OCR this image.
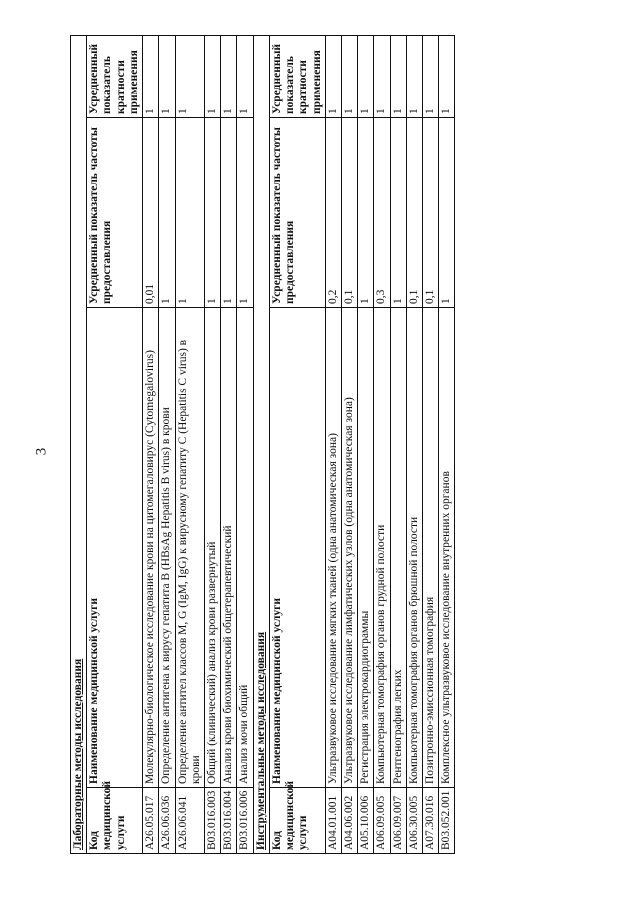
3
Лабораторные методы исследования			
Код медицинской услуги	Наименование медицинской услуги	Усредненный показатель частоты предоставления	Усредненный показатель кратности применения
A26.05.017	Молекулярно-биологическое исследование крови на цитомегаловирус (Cytomegalovirus)	0,01	1
A26.06.036	Определение антигена к вирусу гепатита B (HBsAg Hepatitis B virus) в крови	1	1
A26.06.041	Определение антител классов M, G (IgM, IgG) к вирусному гепатиту C (Hepatitis C virus) в крови	1	1
B03.016.003	Общий (клинический) анализ крови развернутый	1	1
B03.016.004	Анализ крови биохимический общетерапевтический	1	1
B03.016.006	Анализ мочи общий	1	1
Инструментальные методы исследования			
Код медицинской услуги	Наименование медицинской услуги	Усредненный показатель частоты предоставления	Усредненный показатель кратности применения
A04.01.001	Ультразвуковое исследование мягких тканей (одна анатомическая зона)	0,2	1
A04.06.002	Ультразвуковое исследование лимфатических узлов (одна анатомическая зона)	0,1	1
A05.10.006	Регистрация электрокардиограммы	1	1
A06.09.005	Компьютерная томография органов грудной полости	0,3	1
A06.09.007	Рентгенография легких	1	1
A06.30.005	Компьютерная томография органов брюшной полости	0,1	1
A07.30.016	Позитронно-эмиссионная томография	0,1	1
B03.052.001	Комплексное ультразвуковое исследование внутренних органов	1	1
